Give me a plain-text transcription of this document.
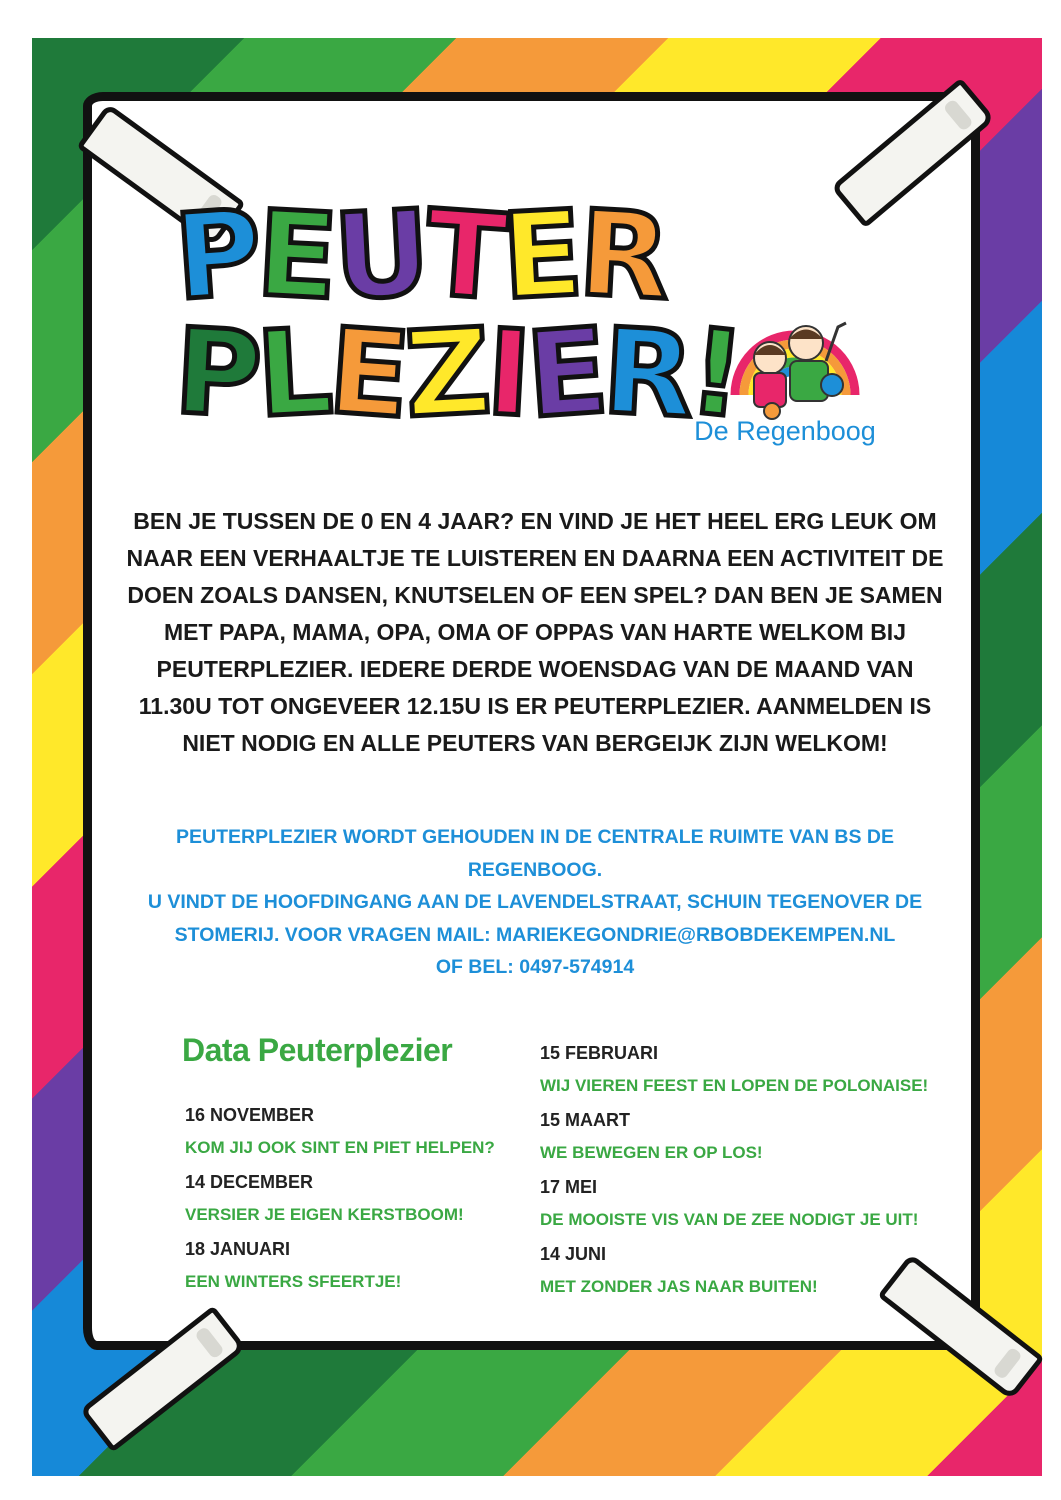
P
E
U
T
E
R
P
L
E
Z
I
E
R
!
De Regenboog
BEN JE TUSSEN DE 0 EN 4 JAAR? EN VIND JE HET HEEL ERG LEUK OM NAAR EEN VERHAALTJE TE LUISTEREN EN DAARNA EEN ACTIVITEIT DE DOEN ZOALS DANSEN, KNUTSELEN OF EEN SPEL? DAN BEN JE SAMEN MET PAPA, MAMA, OPA, OMA OF OPPAS VAN HARTE WELKOM BIJ PEUTERPLEZIER. IEDERE DERDE WOENSDAG VAN DE MAAND VAN 11.30U TOT ONGEVEER 12.15U IS ER PEUTERPLEZIER. AANMELDEN IS NIET NODIG EN ALLE PEUTERS VAN BERGEIJK ZIJN WELKOM!
PEUTERPLEZIER WORDT GEHOUDEN IN DE CENTRALE RUIMTE VAN BS DE REGENBOOG.
U VINDT DE HOOFDINGANG AAN DE LAVENDELSTRAAT, SCHUIN TEGENOVER DE
STOMERIJ. VOOR VRAGEN MAIL: MARIEKEGONDRIE@RBOBDEKEMPEN.NL
OF BEL: 0497-574914
Data Peuterplezier
16 NOVEMBER
KOM JIJ OOK SINT EN PIET HELPEN?
14 DECEMBER
VERSIER JE EIGEN KERSTBOOM!
18 JANUARI
EEN WINTERS SFEERTJE!
15 FEBRUARI
WIJ VIEREN FEEST EN LOPEN DE POLONAISE!
15 MAART
WE BEWEGEN ER OP LOS!
17 MEI
DE MOOISTE VIS VAN DE ZEE NODIGT JE UIT!
14 JUNI
MET ZONDER JAS NAAR BUITEN!
